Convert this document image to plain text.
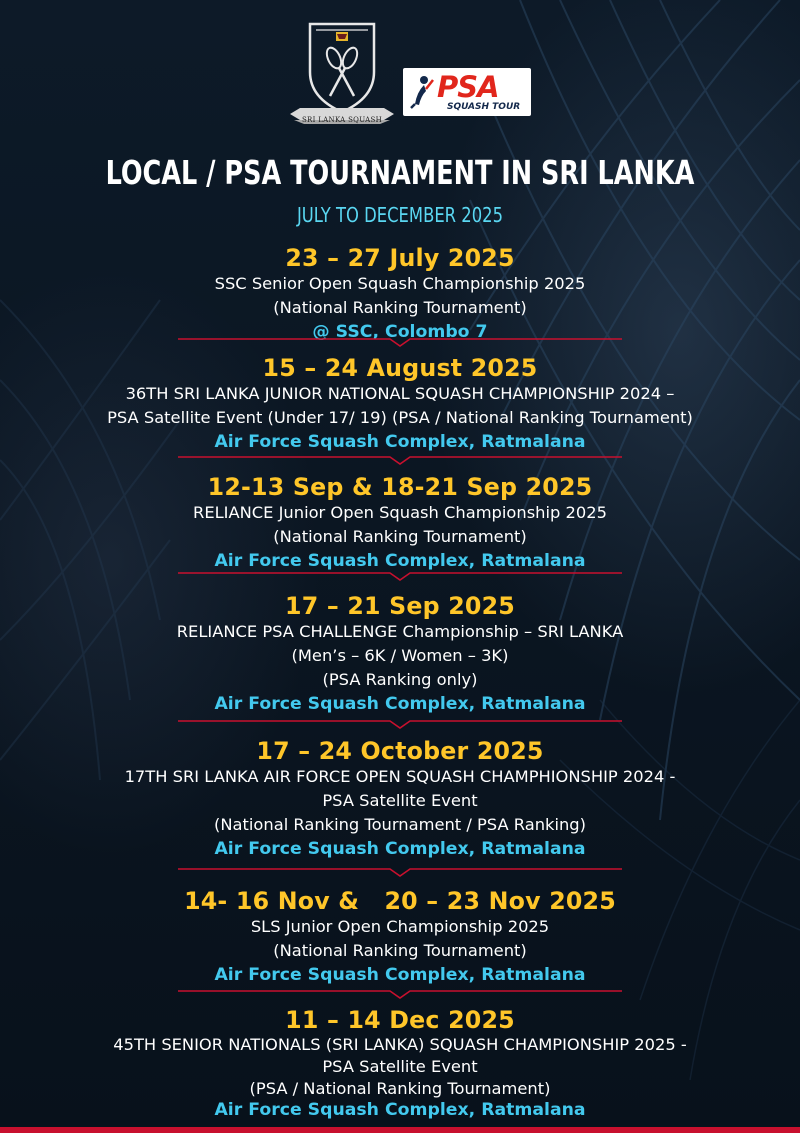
SRI LANKA SQUASH
PSA
SQUASH TOUR
LOCAL / PSA TOURNAMENT IN SRI LANKA
JULY TO DECEMBER 2025
23 – 27 July 2025
SSC Senior Open Squash Championship 2025
(National Ranking Tournament)
@ SSC, Colombo 7
15 – 24 August 2025
36TH SRI LANKA JUNIOR NATIONAL SQUASH CHAMPIONSHIP 2024 –
PSA Satellite Event (Under 17/ 19) (PSA / National Ranking Tournament)
Air Force Squash Complex, Ratmalana
12-13 Sep & 18-21 Sep 2025
RELIANCE Junior Open Squash Championship 2025
(National Ranking Tournament)
Air Force Squash Complex, Ratmalana
17 – 21 Sep 2025
RELIANCE PSA CHALLENGE Championship – SRI LANKA
(Men’s – 6K / Women – 3K)
(PSA Ranking only)
Air Force Squash Complex, Ratmalana
17 – 24 October 2025
17TH SRI LANKA AIR FORCE OPEN SQUASH CHAMPHIONSHIP 2024 -
PSA Satellite Event
(National Ranking Tournament / PSA Ranking)
Air Force Squash Complex, Ratmalana
14- 16 Nov &   20 – 23 Nov 2025
SLS Junior Open Championship 2025
(National Ranking Tournament)
Air Force Squash Complex, Ratmalana
11 – 14 Dec 2025
45TH SENIOR NATIONALS (SRI LANKA) SQUASH CHAMPIONSHIP 2025 -
PSA Satellite Event
(PSA / National Ranking Tournament)
Air Force Squash Complex, Ratmalana
